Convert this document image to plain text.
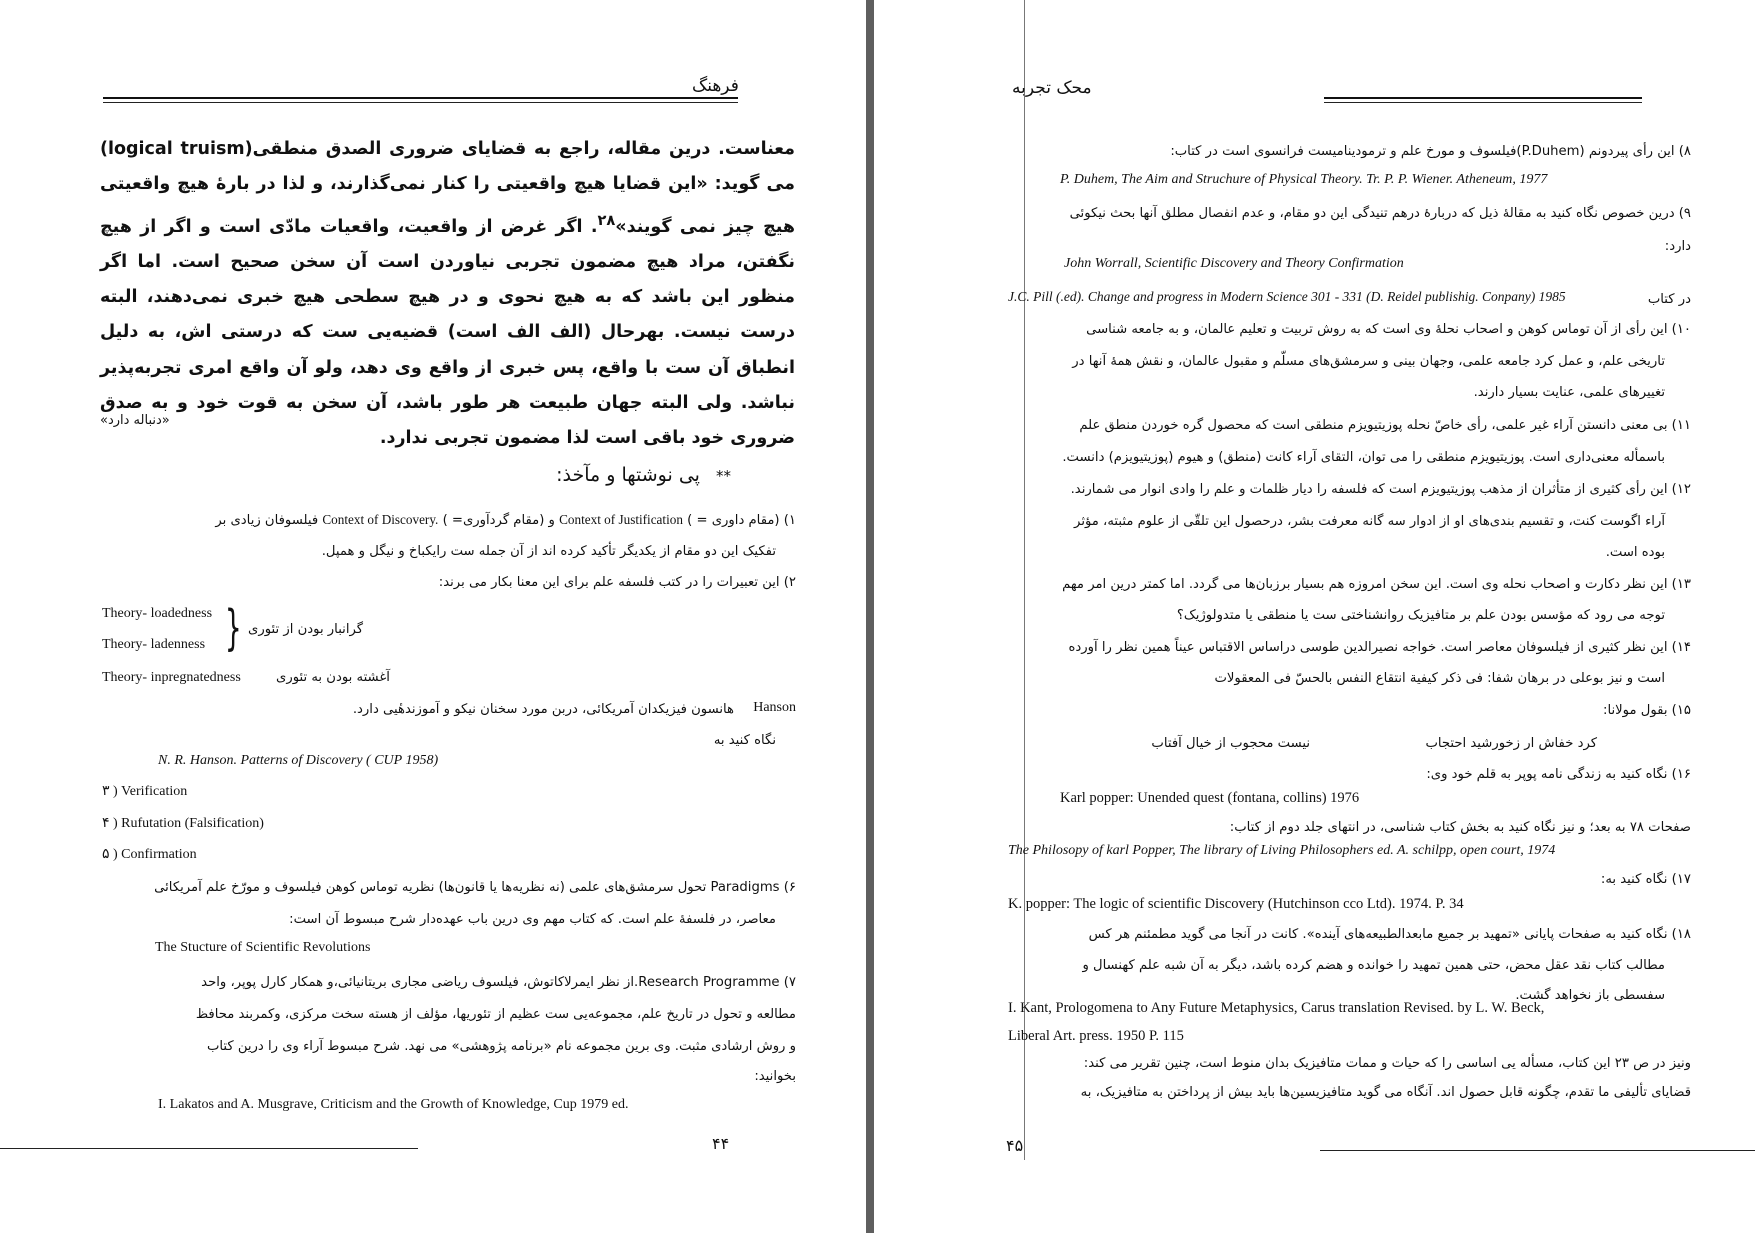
فرهنگ

معناست. درین مقاله، راجع به قضایای ضروری الصدق منطقی(logical truism) می گوید: «این قضایا هیچ واقعیتی را کنار نمی‌گذارند، و لذا در بارهٔ هیچ واقعیتی هیچ چیز نمی گویند»$^{۲۸}$. اگر غرض از واقعیت، واقعیات مادّی است و اگر از هیچ نگفتن، مراد هیچ مضمون تجربی نیاوردن است آن سخن صحیح است. اما اگر منظور این باشد که به هیچ نحوی و در هیچ سطحی هیچ خبری نمی‌دهند، البته درست نیست. بهرحال (الف الف است) قضیه‌یی ست که درستی اش، به دلیل انطباق آن ست با واقع، پس خبری از واقع وی دهد، ولو آن واقع امری تجربه‌پذیر نباشد. ولی البته جهان طبیعت هر طور باشد، آن سخن به قوت خود و به صدق ضروری خود باقی است لذا مضمون تجربی ندارد.

«دنباله دارد»
** پی نوشتها و مآخذ:
۱) (مقام داوری = ) Context of Justification و (مقام گردآوری= ) Context of Discovery. فیلسوفان زیادی بر
تفکیک این دو مقام از یکدیگر تأکید کرده اند از آن جمله ست رایکباخ و نیگل و همپل.
۲) این تعبیرات را در کتب فلسفه علم برای این معنا بکار می برند:
Theory- loadedness
Theory- ladenness } گرانبار بودن از تئوری
Theory- inpregnatedness	آغشته بودن به تئوری
Hanson
هانسون فیزیکدان آمریکائی، دربن مورد سخنان نیکو و آموزندهٔیی دارد.
نگاه کنید به
N. R. Hanson. Patterns of Discovery ( CUP 1958)
۳ ) Verification
۴ ) Rufutation (Falsification)
۵ ) Confirmation
۶) Paradigms تحول سرمشق‌های علمی (نه نظریه‌ها یا قانون‌ها) نظریه توماس کوهن فیلسوف و مورّخ علم آمریکائی
معاصر، در فلسفهٔ علم است. که کتاب مهم وی درین باب عهده‌دار شرح مبسوط آن است:
The Stucture of Scientific Revolutions
۷) Research Programme.از نظر ایمرلاکاتوش، فیلسوف ریاضی مجاری بریتانیائی،و همکار کارل پوپر، واحد
مطالعه و تحول در تاریخ علم، مجموعه‌یی ست عظیم از تئوریها، مؤلف از هسته سخت مرکزی، وکمربند محافظ
و روش ارشادی مثبت. وی برین مجموعه نام «برنامه پژوهشی» می نهد. شرح مبسوط آراء وی را درین کتاب
بخوانید:
I. Lakatos and A. Musgrave, Criticism and the Growth of Knowledge, Cup 1979 ed.
۴۴
محک تجربه
۸) این رأی پیردونم (P.Duhem)فیلسوف و مورخ علم و ترمودینامیست فرانسوی است در کتاب:
P. Duhem, The Aim and Struchure of Physical Theory. Tr. P. P. Wiener. Atheneum, 1977
۹) درین خصوص نگاه کنید به مقالهٔ ذیل که دربارهٔ درهم تنیدگی این دو مقام، و عدم انفصال مطلق آنها بحث نیکوئی
دارد:
John Worrall, Scientific Discovery and Theory Confirmation
J.C. Pill (.ed). Change and progress in Modern Science 301 - 331 (D. Reidel publishig. Conpany) 1985	در کتاب
۱۰) این رأی از آن توماس کوهن و اصحاب نحلهٔ وی است که به روش تربیت و تعلیم عالمان، و به جامعه شناسی
تاریخی علم، و عمل کرد جامعه علمی، وجهان بینی و سرمشق‌های مسلّم و مقبول عالمان، و نقش همهٔ آنها در
تغییرهای علمی، عنایت بسیار دارند.
۱۱) بی معنی دانستن آراء غیر علمی، رأی خاصّ نحله پوزیتیویزم منطقی است که محصول گره خوردن منطق علم
باسمأله معنی‌داری است. پوزیتیویزم منطقی را می توان، التقای آراء کانت (منطق) و هیوم (پوزیتیویزم) دانست.
۱۲) این رأی کثیری از متأثران از مذهب پوزیتیویزم است که فلسفه را دیار ظلمات و علم را وادی انوار می شمارند.
آراء اگوست کنت، و تقسیم بندی‌های او از ادوار سه گانه معرفت بشر، درحصول این تلقّی از علوم مثبته، مؤثر
بوده است.
۱۳) این نظر دکارت و اصحاب نحله وی است. این سخن امروزه هم بسیار برزبان‌ها می گردد. اما کمتر درین امر مهم
توجه می رود که مؤسس بودن علم بر متافیزیک روانشناختی ست یا منطقی یا متدولوژیک؟
۱۴) این نظر کثیری از فیلسوفان معاصر است. خواجه نصیرالدین طوسی دراساس الاقتباس عیناً همین نظر را آورده
است و نیز بوعلی در برهان شفا: فی ذکر کیفیة انتقاع النفس بالحسّ فی المعقولات
۱۵) بقول مولانا:
کرد خفاش ار زخورشید احتجاب
نیست محجوب از خیال آفتاب
۱۶) نگاه کنید به زندگی نامه پوپر به قلم خود وی:
Karl popper: Unended quest (fontana, collins) 1976
صفحات ۷۸ به بعد؛ و نیز نگاه کنید به بخش کتاب شناسی، در انتهای جلد دوم از کتاب:
The Philosopy of karl Popper, The library of Living Philosophers ed. A. schilpp, open court, 1974
۱۷) نگاه کنید به:
K. popper: The logic of scientific Discovery (Hutchinson cco Ltd). 1974. P. 34
۱۸) نگاه کنید به صفحات پایانی «تمهید بر جمیع مابعدالطبیعه‌های آینده». کانت در آنجا می گوید مطمئنم هر کس
مطالب کتاب نقد عقل محض، حتی همین تمهید را خوانده و هضم کرده باشد، دیگر به آن شبه علم کهنسال و
سفسطی باز نخواهد گشت.
I. Kant, Prologomena to Any Future Metaphysics, Carus translation Revised. by L. W. Beck,
Liberal Art. press. 1950 P. 115
ونیز در ص ۲۳ این کتاب، مسأله یی اساسی را که حیات و ممات متافیزیک بدان منوط است، چنین تقریر می کند:
قضایای تألیفی ما تقدم، چگونه قابل حصول اند. آنگاه می گوید متافیزیسین‌ها باید بیش از پرداختن به متافیزیک، به
۴۵
